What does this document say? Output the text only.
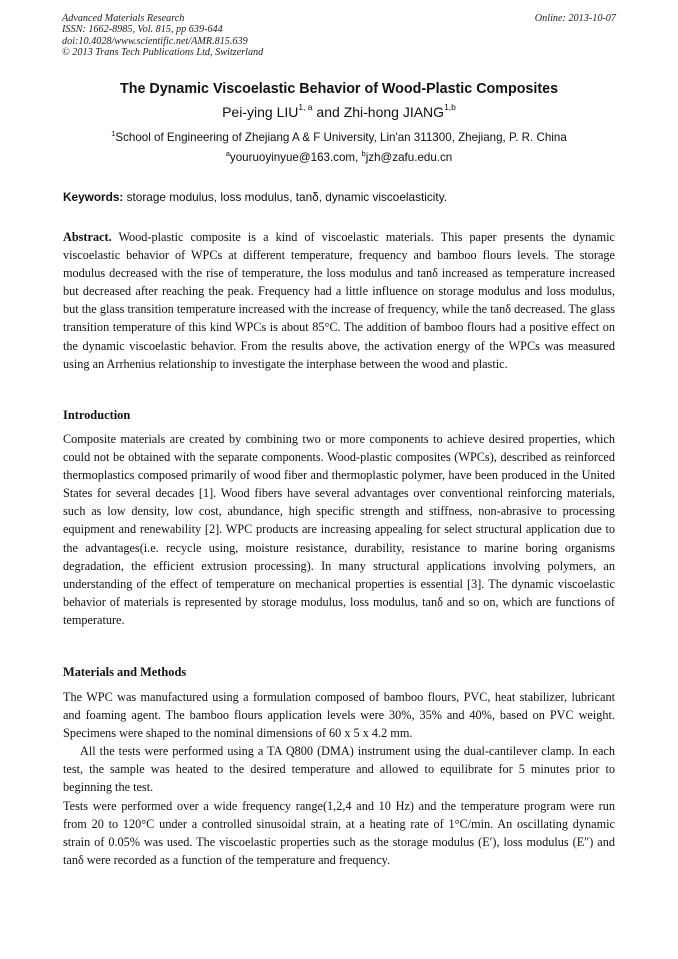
Advanced Materials Research
ISSN: 1662-8985, Vol. 815, pp 639-644
doi:10.4028/www.scientific.net/AMR.815.639
© 2013 Trans Tech Publications Ltd, Switzerland
Online: 2013-10-07
The Dynamic Viscoelastic Behavior of Wood-Plastic Composites
Pei-ying LIU$^{1, a}$ and Zhi-hong JIANG$^{1,b}$
$^1$School of Engineering of Zhejiang A & F University, Lin'an 311300, Zhejiang, P. R. China
$^a$youruoyinyue@163.com, $^b$jzh@zafu.edu.cn
Keywords: storage modulus, loss modulus, tanδ, dynamic viscoelasticity.

Abstract. Wood-plastic composite is a kind of viscoelastic materials. This paper presents the dynamic viscoelastic behavior of WPCs at different temperature, frequency and bamboo flours levels. The storage modulus decreased with the rise of temperature, the loss modulus and tanδ increased as temperature increased but decreased after reaching the peak. Frequency had a little influence on storage modulus and loss modulus, but the glass transition temperature increased with the increase of frequency, while the tanδ decreased. The glass transition temperature of this kind WPCs is about 85°C. The addition of bamboo flours had a positive effect on the dynamic viscoelastic behavior. From the results above, the activation energy of the WPCs was measured using an Arrhenius relationship to investigate the interphase between the wood and plastic.

Introduction

Composite materials are created by combining two or more components to achieve desired properties, which could not be obtained with the separate components. Wood-plastic composites (WPCs), described as reinforced thermoplastics composed primarily of wood fiber and thermoplastic polymer, have been produced in the United States for several decades [1]. Wood fibers have several advantages over conventional reinforcing materials, such as low density, low cost, abundance, high specific strength and stiffness, non-abrasive to processing equipment and renewability [2]. WPC products are increasing appealing for select structural application due to the advantages(i.e. recycle using, moisture resistance, durability, resistance to marine boring organisms degradation, the efficient extrusion processing). In many structural applications involving polymers, an understanding of the effect of temperature on mechanical properties is essential [3]. The dynamic viscoelastic behavior of materials is represented by storage modulus, loss modulus, tanδ and so on, which are functions of temperature.

Materials and Methods

The WPC was manufactured using a formulation composed of bamboo flours, PVC, heat stabilizer, lubricant and foaming agent. The bamboo flours application levels were 30%, 35% and 40%, based on PVC weight. Specimens were shaped to the nominal dimensions of 60 x 5 x 4.2 mm.

All the tests were performed using a TA Q800 (DMA) instrument using the dual-cantilever clamp. In each test, the sample was heated to the desired temperature and allowed to equilibrate for 5 minutes prior to beginning the test.

Tests were performed over a wide frequency range(1,2,4 and 10 Hz) and the temperature program were run from 20 to 120°C under a controlled sinusoidal strain, at a heating rate of 1°C/min. An oscillating dynamic strain of 0.05% was used. The viscoelastic properties such as the storage modulus (E′), loss modulus (E″) and tanδ were recorded as a function of the temperature and frequency.
